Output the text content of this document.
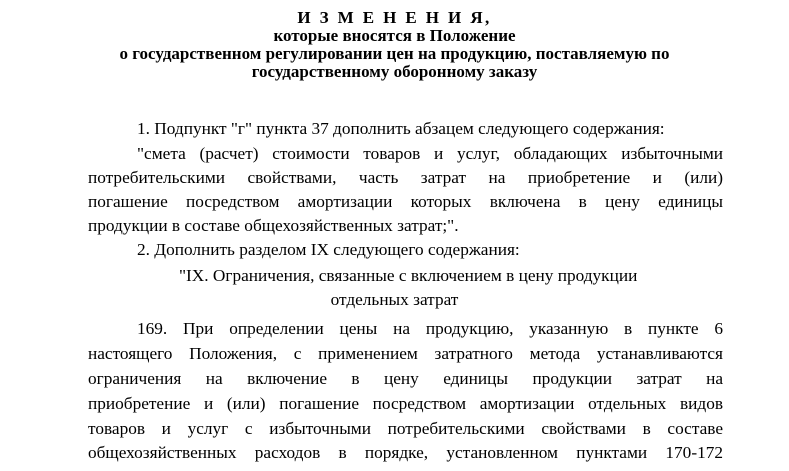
И З М Е Н Е Н И Я,
которые вносятся в Положение
о государственном регулировании цен на продукцию, поставляемую по
государственному оборонному заказу
1. Подпункт "г" пункта 37 дополнить абзацем следующего содержания:
"смета (расчет) стоимости товаров и услуг, обладающих избыточными
потребительскими свойствами, часть затрат на приобретение и (или)
погашение посредством амортизации которых включена в цену единицы
продукции в составе общехозяйственных затрат;".
2. Дополнить разделом IX следующего содержания:
"IX. Ограничения, связанные с включением в цену продукции
отдельных затрат
169. При определении цены на продукцию, указанную в пункте 6
настоящего Положения, с применением затратного метода устанавливаются
ограничения на включение в цену единицы продукции затрат на
приобретение и (или) погашение посредством амортизации отдельных видов
товаров и услуг с избыточными потребительскими свойствами в составе
общехозяйственных расходов в порядке, установленном пунктами 170-172
